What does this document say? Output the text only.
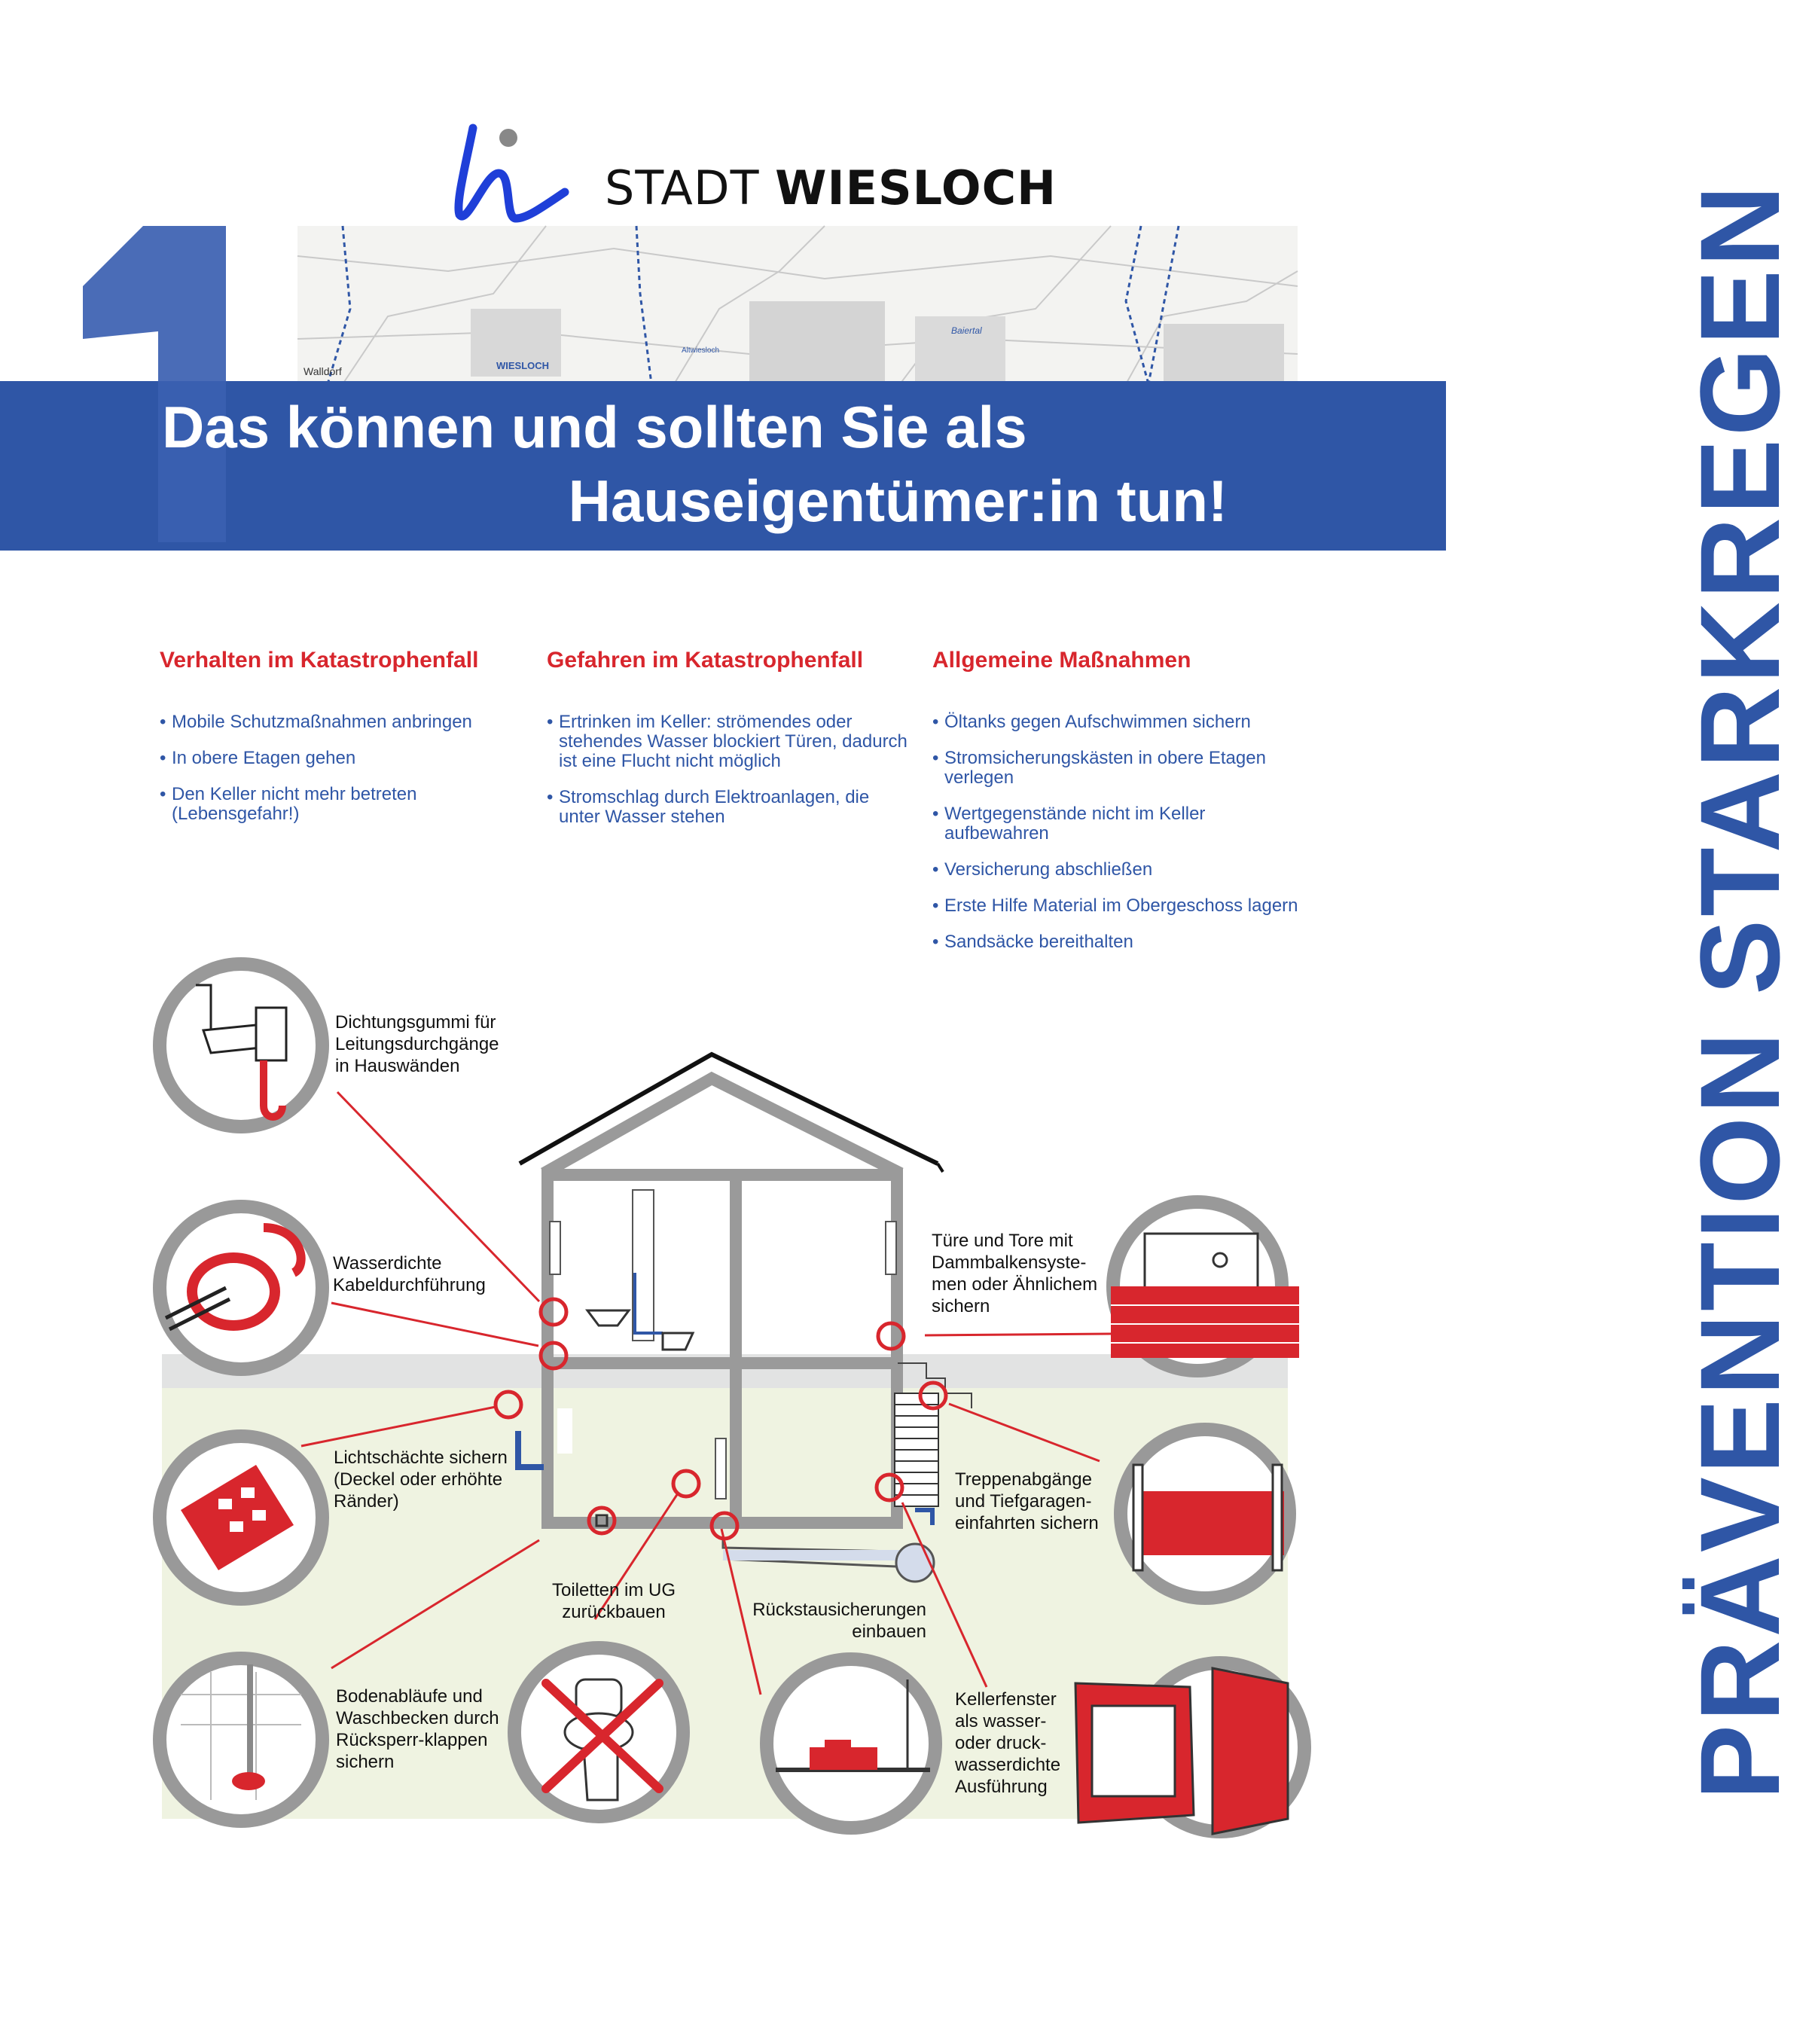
STADT WIESLOCH
WIESLOCH
Walldorf
Altwiesloch
Baiertal
Das können und sollten Sie als
Hauseigentümer:in tun!	PRÄVENTION STARKREGEN
Verhalten im Katastrophenfall
• Mobile Schutzmaßnahmen anbringen
• In obere Etagen gehen
• Den Keller nicht mehr betreten (Lebensgefahr!)
Gefahren im Katastrophenfall
• Ertrinken im Keller: strömendes oder stehendes Wasser blockiert Türen, dadurch ist eine Flucht nicht möglich
• Stromschlag durch Elektroanlagen, die unter Wasser stehen
Allgemeine Maßnahmen
• Öltanks gegen Aufschwimmen sichern
• Stromsicherungskästen in obere Etagen verlegen
• Wertgegenstände nicht im Keller aufbewahren
• Versicherung abschließen
• Erste Hilfe Material im Obergeschoss lagern
• Sandsäcke bereithalten
Dichtungsgummi für Leitungsdurchgänge in Hauswänden
Wasserdichte Kabeldurchführung
Lichtschächte sichern (Deckel oder erhöhte Ränder)
Bodenabläufe und Waschbecken durch Rücksperr-klappen sichern
Toiletten im UG zurückbauen	Rückstausicherungen einbauen
Türe und Tore mit Dammbalkensyste-men oder Ähnlichem sichern
Treppenabgänge und Tiefgaragen-einfahrten sichern
Kellerfenster als wasser- oder druck-wasserdichte Ausführung
